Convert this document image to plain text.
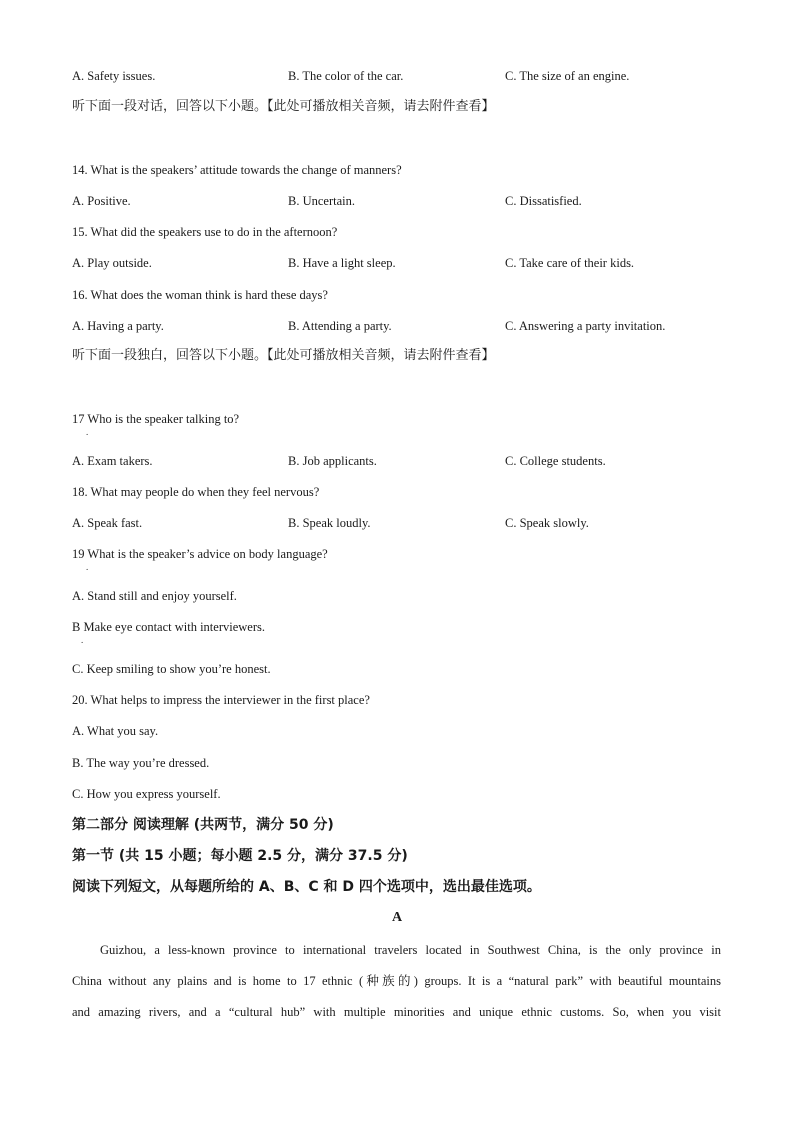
A. Safety issues.	B. The color of the car.	C. The size of an engine.
听下面一段对话，回答以下小题。【此处可播放相关音频，请去附件查看】
14. What is the speakers’ attitude towards the change of manners?
A. Positive.	B. Uncertain.	C. Dissatisfied.
15. What did the speakers use to do in the afternoon?
A. Play outside.	B. Have a light sleep.	C. Take care of their kids.
16. What does the woman think is hard these days?
A. Having a party.	B. Attending a party.	C. Answering a party invitation.
听下面一段独白，回答以下小题。【此处可播放相关音频，请去附件查看】
17 Who is the speaker talking to?
.
A. Exam takers.	B. Job applicants.	C. College students.
18. What may people do when they feel nervous?
A. Speak fast.	B. Speak loudly.	C. Speak slowly.
19 What is the speaker’s advice on body language?
.
A. Stand still and enjoy yourself.
B Make eye contact with interviewers.
.
C. Keep smiling to show you’re honest.
20. What helps to impress the interviewer in the first place?
A. What you say.
B. The way you’re dressed.
C. How you express yourself.
第二部分 阅读理解 (共两节，满分 50 分)
第一节 (共 15 小题；每小题 2.5 分，满分 37.5 分)
阅读下列短文，从每题所给的 A、B、C 和 D 四个选项中，选出最佳选项。
A
Guizhou, a less-known province to international travelers located in Southwest China, is the only province in
China without any plains and is home to 17 ethnic (种族的) groups. It is a “natural park” with beautiful mountains
and amazing rivers, and a “cultural hub” with multiple minorities and unique ethnic customs. So, when you visit
